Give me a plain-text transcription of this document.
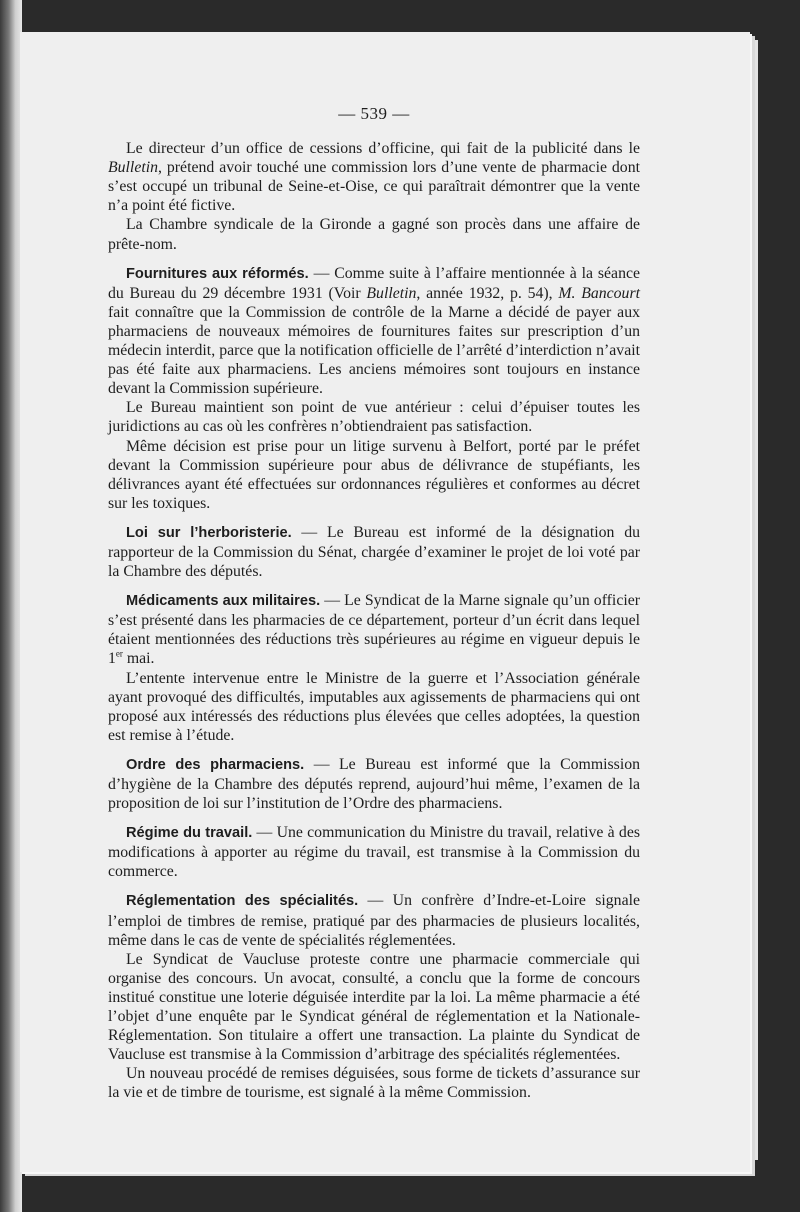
— 539 —

Le directeur d’un office de cessions d’officine, qui fait de la publicité dans le Bulletin, prétend avoir touché une commission lors d’une vente de pharmacie dont s’est occupé un tribunal de Seine-et-Oise, ce qui paraîtrait démontrer que la vente n’a point été fictive.

La Chambre syndicale de la Gironde a gagné son procès dans une affaire de prête-nom.

Fournitures aux réformés. — Comme suite à l’affaire mentionnée à la séance du Bureau du 29 décembre 1931 (Voir Bulletin, année 1932, p. 54), M. Bancourt fait connaître que la Commission de contrôle de la Marne a décidé de payer aux pharmaciens de nouveaux mémoires de fournitures faites sur prescription d’un médecin interdit, parce que la notification officielle de l’arrêté d’interdiction n’avait pas été faite aux pharmaciens. Les anciens mémoires sont toujours en instance devant la Commission supérieure.

Le Bureau maintient son point de vue antérieur : celui d’épuiser toutes les juridictions au cas où les confrères n’obtiendraient pas satisfaction.

Même décision est prise pour un litige survenu à Belfort, porté par le préfet devant la Commission supérieure pour abus de délivrance de stupéfiants, les délivrances ayant été effectuées sur ordonnances régulières et conformes au décret sur les toxiques.

Loi sur l’herboristerie. — Le Bureau est informé de la désignation du rapporteur de la Commission du Sénat, chargée d’examiner le projet de loi voté par la Chambre des députés.

Médicaments aux militaires. — Le Syndicat de la Marne signale qu’un officier s’est présenté dans les pharmacies de ce département, porteur d’un écrit dans lequel étaient mentionnées des réductions très supérieures au régime en vigueur depuis le 1er mai.

L’entente intervenue entre le Ministre de la guerre et l’Association générale ayant provoqué des difficultés, imputables aux agissements de pharmaciens qui ont proposé aux intéressés des réductions plus élevées que celles adoptées, la question est remise à l’étude.

Ordre des pharmaciens. — Le Bureau est informé que la Commission d’hygiène de la Chambre des députés reprend, aujourd’hui même, l’examen de la proposition de loi sur l’institution de l’Ordre des pharmaciens.

Régime du travail. — Une communication du Ministre du travail, relative à des modifications à apporter au régime du travail, est transmise à la Commission du commerce.

Réglementation des spécialités. — Un confrère d’Indre-et-Loire signale l’emploi de timbres de remise, pratiqué par des pharmacies de plusieurs localités, même dans le cas de vente de spécialités réglementées.

Le Syndicat de Vaucluse proteste contre une pharmacie commerciale qui organise des concours. Un avocat, consulté, a conclu que la forme de concours institué constitue une loterie déguisée interdite par la loi. La même pharmacie a été l’objet d’une enquête par le Syndicat général de réglementation et la Nationale-Réglementation. Son titulaire a offert une transaction. La plainte du Syndicat de Vaucluse est transmise à la Commission d’arbitrage des spécialités réglementées.

Un nouveau procédé de remises déguisées, sous forme de tickets d’assurance sur la vie et de timbre de tourisme, est signalé à la même Commission.
